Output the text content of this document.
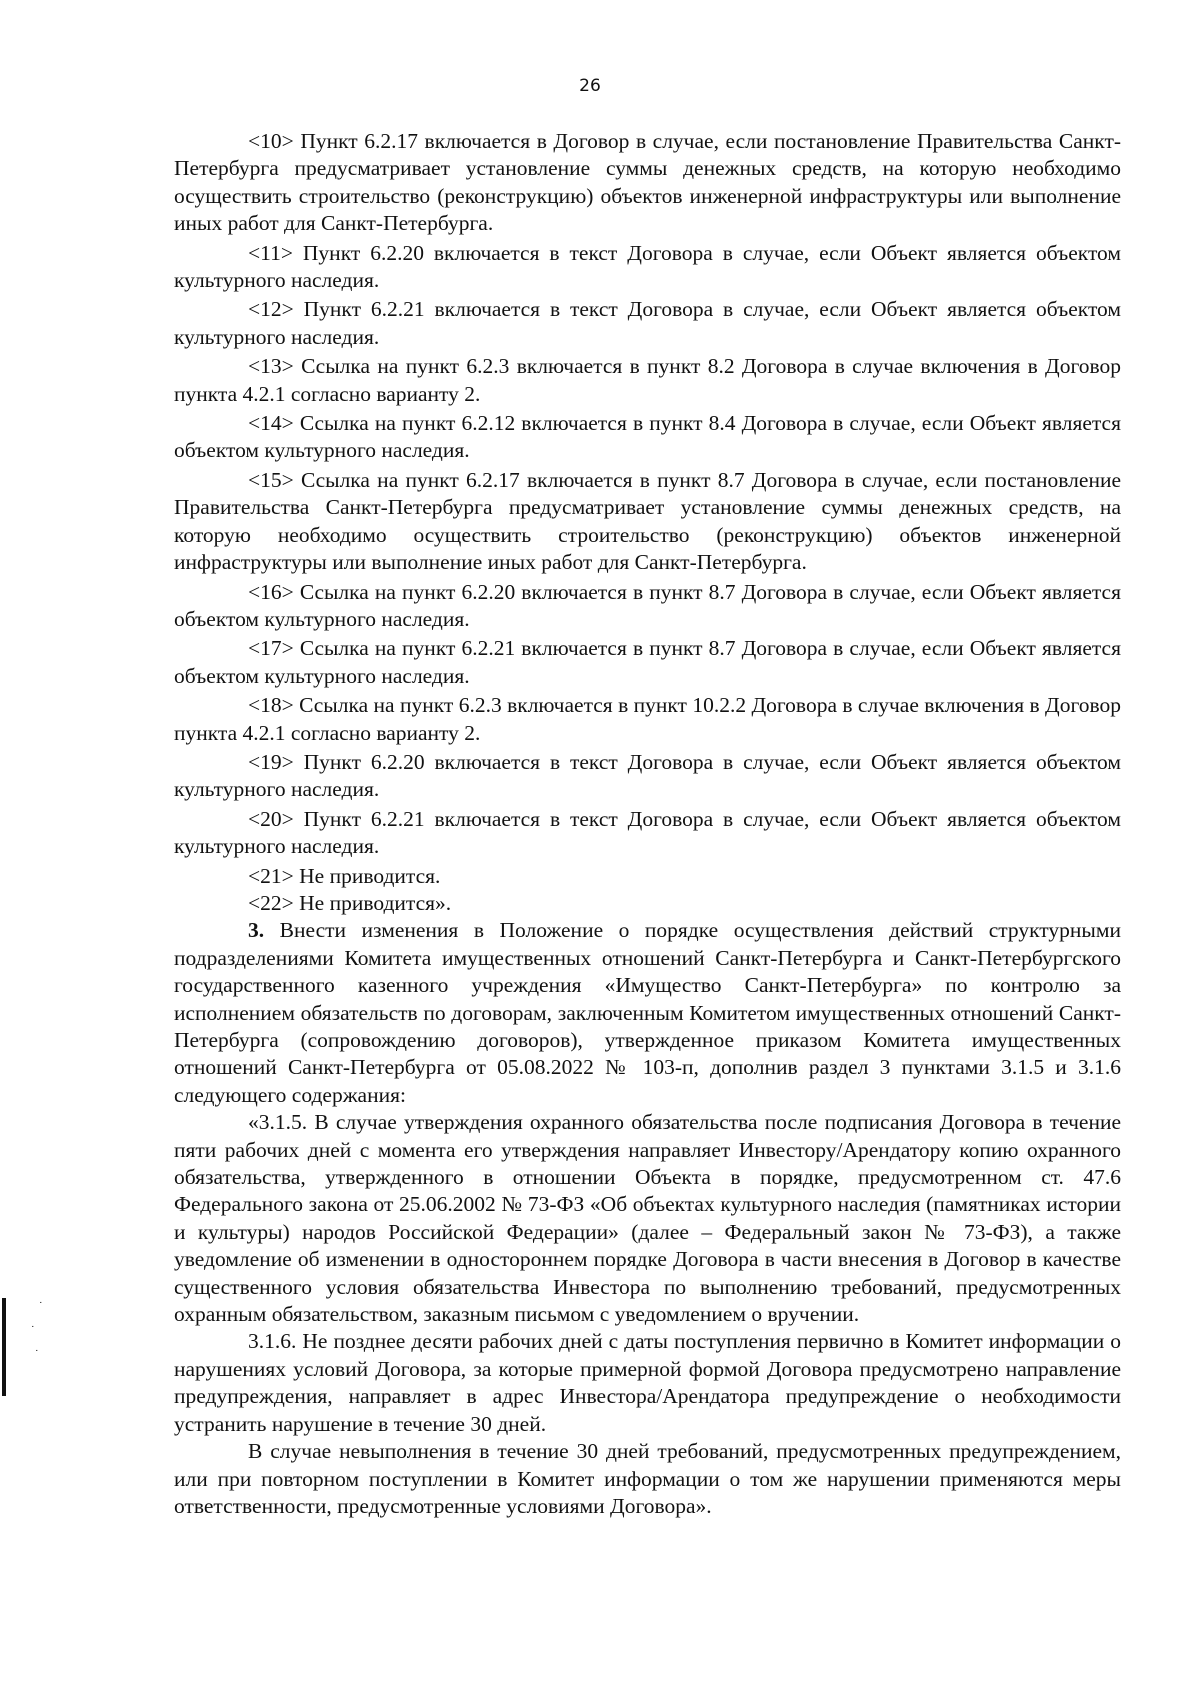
26

<10> Пункт 6.2.17 включается в Договор в случае, если постановление Правительства Санкт-Петербурга предусматривает установление суммы денежных средств, на которую необходимо осуществить строительство (реконструкцию) объектов инженерной инфраструктуры или выполнение иных работ для Санкт-Петербурга.

<11> Пункт 6.2.20 включается в текст Договора в случае, если Объект является объектом культурного наследия.

<12> Пункт 6.2.21 включается в текст Договора в случае, если Объект является объектом культурного наследия.

<13> Ссылка на пункт 6.2.3 включается в пункт 8.2 Договора в случае включения в Договор пункта 4.2.1 согласно варианту 2.

<14> Ссылка на пункт 6.2.12 включается в пункт 8.4 Договора в случае, если Объект является объектом культурного наследия.

<15> Ссылка на пункт 6.2.17 включается в пункт 8.7 Договора в случае, если постановление Правительства Санкт-Петербурга предусматривает установление суммы денежных средств, на которую необходимо осуществить строительство (реконструкцию) объектов инженерной инфраструктуры или выполнение иных работ для Санкт-Петербурга.

<16> Ссылка на пункт 6.2.20 включается в пункт 8.7 Договора в случае, если Объект является объектом культурного наследия.

<17> Ссылка на пункт 6.2.21 включается в пункт 8.7 Договора в случае, если Объект является объектом культурного наследия.

<18> Ссылка на пункт 6.2.3 включается в пункт 10.2.2 Договора в случае включения в Договор пункта 4.2.1 согласно варианту 2.

<19> Пункт 6.2.20 включается в текст Договора в случае, если Объект является объектом культурного наследия.

<20> Пункт 6.2.21 включается в текст Договора в случае, если Объект является объектом культурного наследия.

<21> Не приводится.

<22> Не приводится».

3. Внести изменения в Положение о порядке осуществления действий структурными подразделениями Комитета имущественных отношений Санкт-Петербурга и Санкт-Петербургского государственного казенного учреждения «Имущество Санкт-Петербурга» по контролю за исполнением обязательств по договорам, заключенным Комитетом имущественных отношений Санкт-Петербурга (сопровождению договоров), утвержденное приказом Комитета имущественных отношений Санкт-Петербурга от 05.08.2022 № 103-п, дополнив раздел 3 пунктами 3.1.5 и 3.1.6 следующего содержания:

«3.1.5. В случае утверждения охранного обязательства после подписания Договора в течение пяти рабочих дней с момента его утверждения направляет Инвестору/Арендатору копию охранного обязательства, утвержденного в отношении Объекта в порядке, предусмотренном ст. 47.6 Федерального закона от 25.06.2002 № 73-ФЗ «Об объектах культурного наследия (памятниках истории и культуры) народов Российской Федерации» (далее – Федеральный закон № 73-ФЗ), а также уведомление об изменении в одностороннем порядке Договора в части внесения в Договор в качестве существенного условия обязательства Инвестора по выполнению требований, предусмотренных охранным обязательством, заказным письмом с уведомлением о вручении.

3.1.6. Не позднее десяти рабочих дней с даты поступления первично в Комитет информации о нарушениях условий Договора, за которые примерной формой Договора предусмотрено направление предупреждения, направляет в адрес Инвестора/Арендатора предупреждение о необходимости устранить нарушение в течение 30 дней.

В случае невыполнения в течение 30 дней требований, предусмотренных предупреждением, или при повторном поступлении в Комитет информации о том же нарушении применяются меры ответственности, предусмотренные условиями Договора».

˙
˙
˙
